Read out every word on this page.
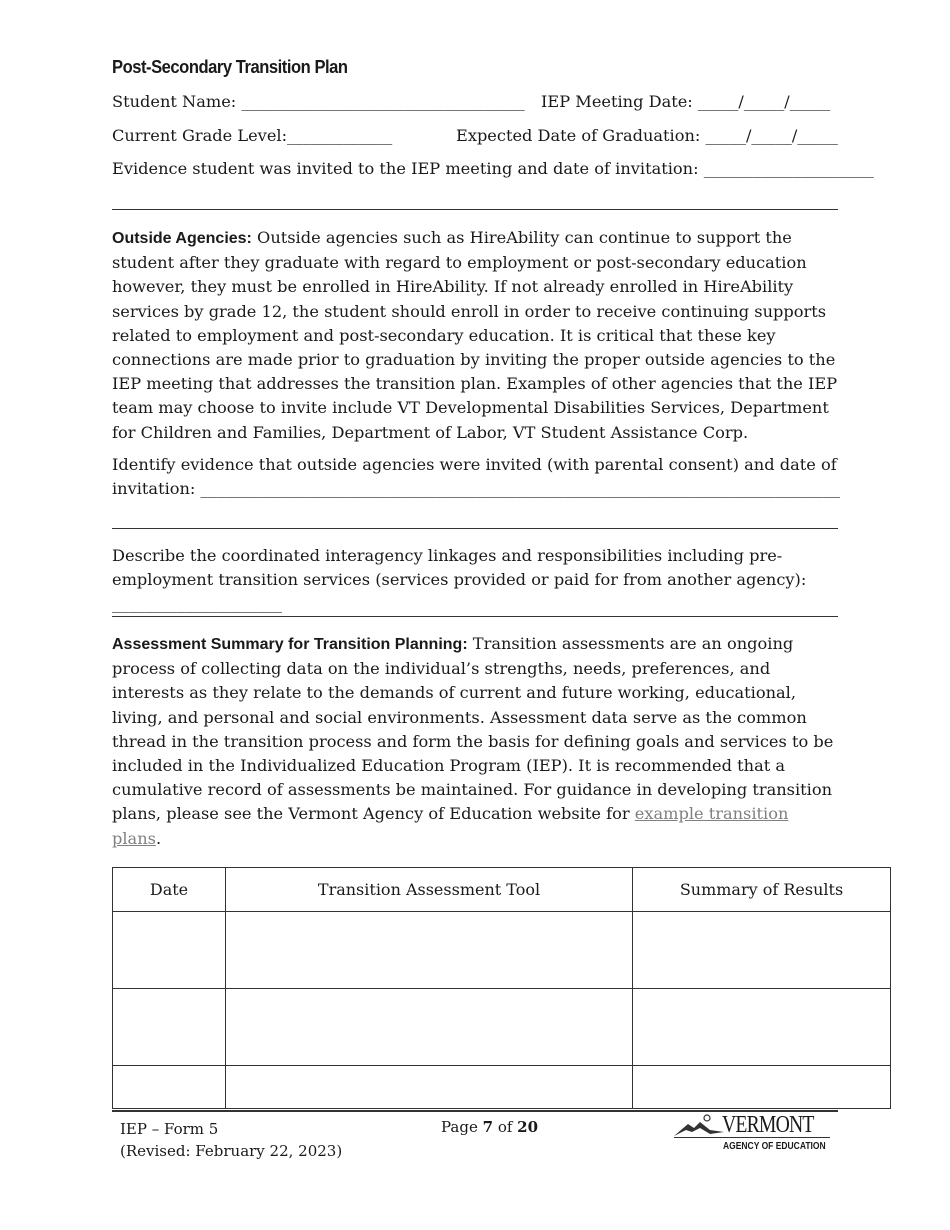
Post-Secondary Transition Plan
Student Name: ___________________________________ IEP Meeting Date: _____/_____/_____
Current Grade Level:_____________	Expected Date of Graduation: _____/_____/_____
Evidence student was invited to the IEP meeting and date of invitation: _____________________
Outside Agencies: Outside agencies such as HireAbility can continue to support the student after they graduate with regard to employment or post-secondary education however, they must be enrolled in HireAbility. If not already enrolled in HireAbility services by grade 12, the student should enroll in order to receive continuing supports related to employment and post-secondary education. It is critical that these key connections are made prior to graduation by inviting the proper outside agencies to the IEP meeting that addresses the transition plan. Examples of other agencies that the IEP team may choose to invite include VT Developmental Disabilities Services, Department for Children and Families, Department of Labor, VT Student Assistance Corp.
Identify evidence that outside agencies were invited (with parental consent) and date of invitation: _______________________________________________________________________________
Describe the coordinated interagency linkages and responsibilities including pre-employment transition services (services provided or paid for from another agency): _____________________
Assessment Summary for Transition Planning: Transition assessments are an ongoing process of collecting data on the individual’s strengths, needs, preferences, and interests as they relate to the demands of current and future working, educational, living, and personal and social environments. Assessment data serve as the common thread in the transition process and form the basis for defining goals and services to be included in the Individualized Education Program (IEP). It is recommended that a cumulative record of assessments be maintained. For guidance in developing transition plans, please see the Vermont Agency of Education website for example transition plans.
Date	Transition Assessment Tool	Summary of Results

IEP – Form 5
(Revised: February 22, 2023)
Page 7 of 20	VERMONT
AGENCY OF EDUCATION
